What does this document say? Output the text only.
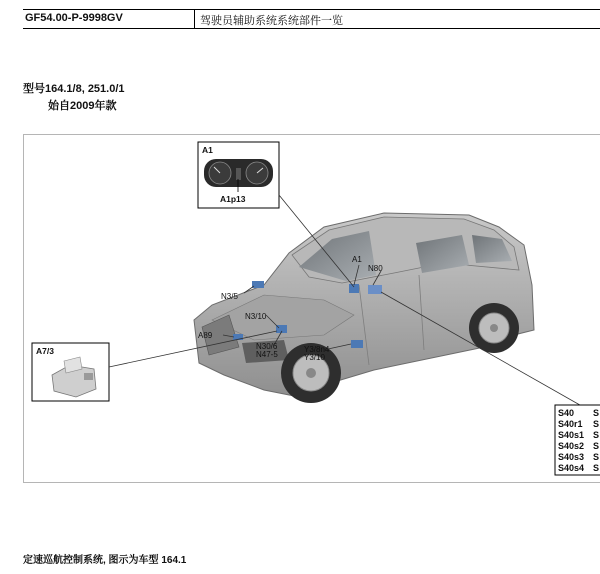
GF54.00-P-9998GV	驾驶员辅助系统系统部件一览
型号164.1/8, 251.0/1
始自2009年款
A1
A1p13
A7/3
A1
N80
N3/5
N3/10
A89
N30/6
N47-5
Y3/8n4
Y3/10
S40
S40r1
S40s1
S40s2
S40s3
S40s4
S
S
S
S
S
S
定速巡航控制系统, 图示为车型 164.1
